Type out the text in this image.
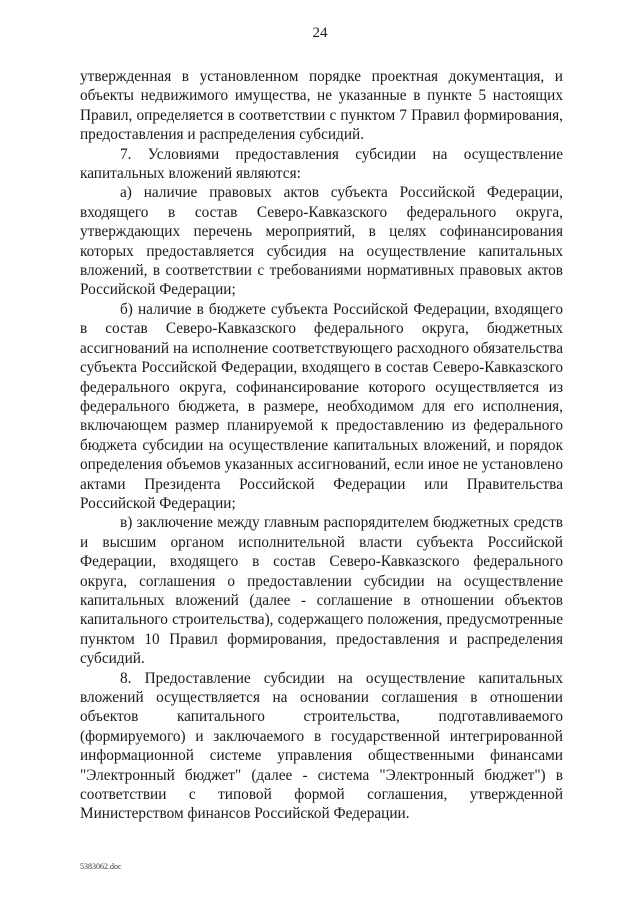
24

утвержденная в установленном порядке проектная документация, и объекты недвижимого имущества, не указанные в пункте 5 настоящих Правил, определяется в соответствии с пунктом 7 Правил формирования, предоставления и распределения субсидий.

7. Условиями предоставления субсидии на осуществление капитальных вложений являются:

а) наличие правовых актов субъекта Российской Федерации, входящего в состав Северо-Кавказского федерального округа, утверждающих перечень мероприятий, в целях софинансирования которых предоставляется субсидия на осуществление капитальных вложений, в соответствии с требованиями нормативных правовых актов Российской Федерации;

б) наличие в бюджете субъекта Российской Федерации, входящего в состав Северо-Кавказского федерального округа, бюджетных ассигнований на исполнение соответствующего расходного обязательства субъекта Российской Федерации, входящего в состав Северо-Кавказского федерального округа, софинансирование которого осуществляется из федерального бюджета, в размере, необходимом для его исполнения, включающем размер планируемой к предоставлению из федерального бюджета субсидии на осуществление капитальных вложений, и порядок определения объемов указанных ассигнований, если иное не установлено актами Президента Российской Федерации или Правительства Российской Федерации;

в) заключение между главным распорядителем бюджетных средств и высшим органом исполнительной власти субъекта Российской Федерации, входящего в состав Северо-Кавказского федерального округа, соглашения о предоставлении субсидии на осуществление капитальных вложений (далее - соглашение в отношении объектов капитального строительства), содержащего положения, предусмотренные пунктом 10 Правил формирования, предоставления и распределения субсидий.

8. Предоставление субсидии на осуществление капитальных вложений осуществляется на основании соглашения в отношении объектов капитального строительства, подготавливаемого (формируемого) и заключаемого в государственной интегрированной информационной системе управления общественными финансами "Электронный бюджет" (далее - система "Электронный бюджет") в соответствии с типовой формой соглашения, утвержденной Министерством финансов Российской Федерации.

5383062.doc
